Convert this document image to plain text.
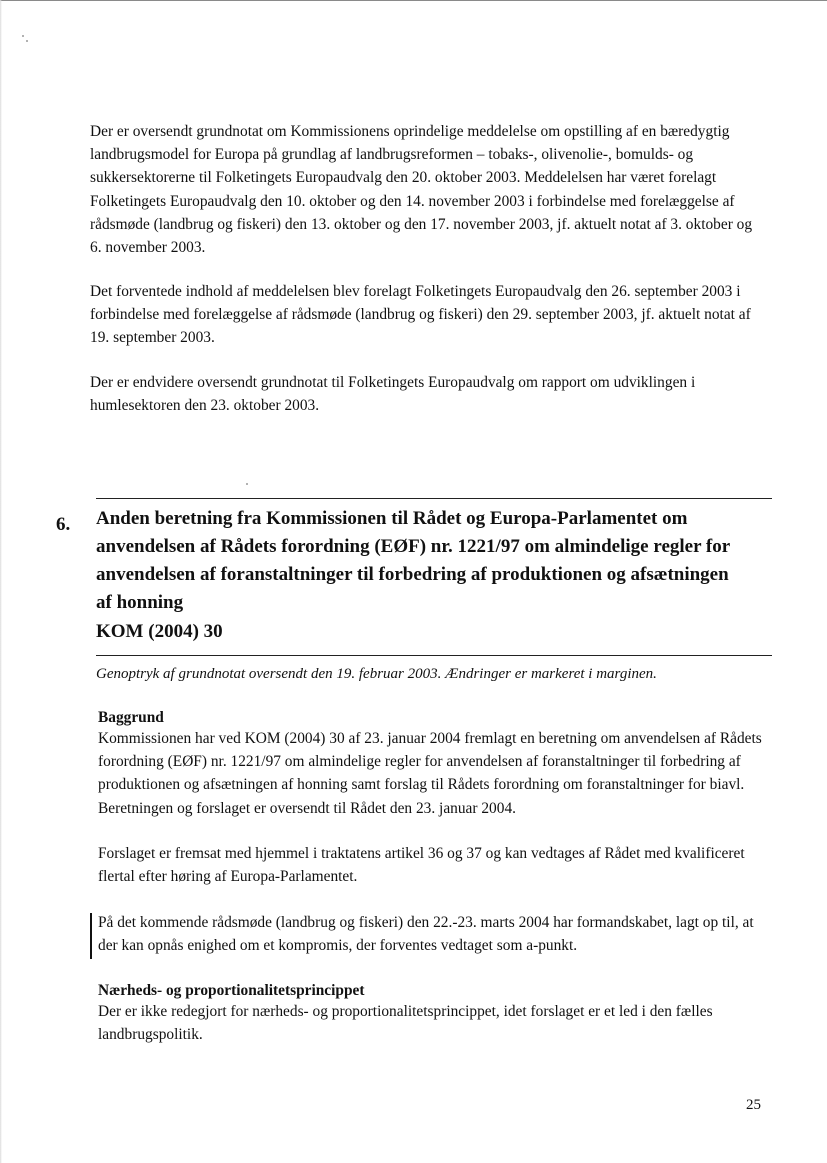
Der er oversendt grundnotat om Kommissionens oprindelige meddelelse om opstilling af en bæredygtig landbrugsmodel for Europa på grundlag af landbrugsreformen – tobaks-, olivenolie-, bomulds- og sukkersektorerne til Folketingets Europaudvalg den 20. oktober 2003. Meddelelsen har været forelagt Folketingets Europaudvalg den 10. oktober og den 14. november 2003 i forbindelse med forelæggelse af rådsmøde (landbrug og fiskeri) den 13. oktober og den 17. november 2003, jf. aktuelt notat af 3. oktober og 6. november 2003.

Det forventede indhold af meddelelsen blev forelagt Folketingets Europaudvalg den 26. september 2003 i forbindelse med forelæggelse af rådsmøde (landbrug og fiskeri) den 29. september 2003, jf. aktuelt notat af 19. september 2003.

Der er endvidere oversendt grundnotat til Folketingets Europaudvalg om rapport om udviklingen i humlesektoren den 23. oktober 2003.

6. Anden beretning fra Kommissionen til Rådet og Europa-Parlamentet om anvendelsen af Rådets forordning (EØF) nr. 1221/97 om almindelige regler for anvendelsen af foranstaltninger til forbedring af produktionen og afsætningen af honning
KOM (2004) 30

Genoptryk af grundnotat oversendt den 19. februar 2003. Ændringer er markeret i marginen.

Baggrund

Kommissionen har ved KOM (2004) 30 af 23. januar 2004 fremlagt en beretning om anvendelsen af Rådets forordning (EØF) nr. 1221/97 om almindelige regler for anvendelsen af foranstaltninger til forbedring af produktionen og afsætningen af honning samt forslag til Rådets forordning om foranstaltninger for biavl. Beretningen og forslaget er oversendt til Rådet den 23. januar 2004.

Forslaget er fremsat med hjemmel i traktatens artikel 36 og 37 og kan vedtages af Rådet med kvalificeret flertal efter høring af Europa-Parlamentet.

På det kommende rådsmøde (landbrug og fiskeri) den 22.-23. marts 2004 har formandskabet, lagt op til, at der kan opnås enighed om et kompromis, der forventes vedtaget som a-punkt.

Nærheds- og proportionalitetsprincippet

Der er ikke redegjort for nærheds- og proportionalitetsprincippet, idet forslaget er et led i den fælles landbrugspolitik.

25
